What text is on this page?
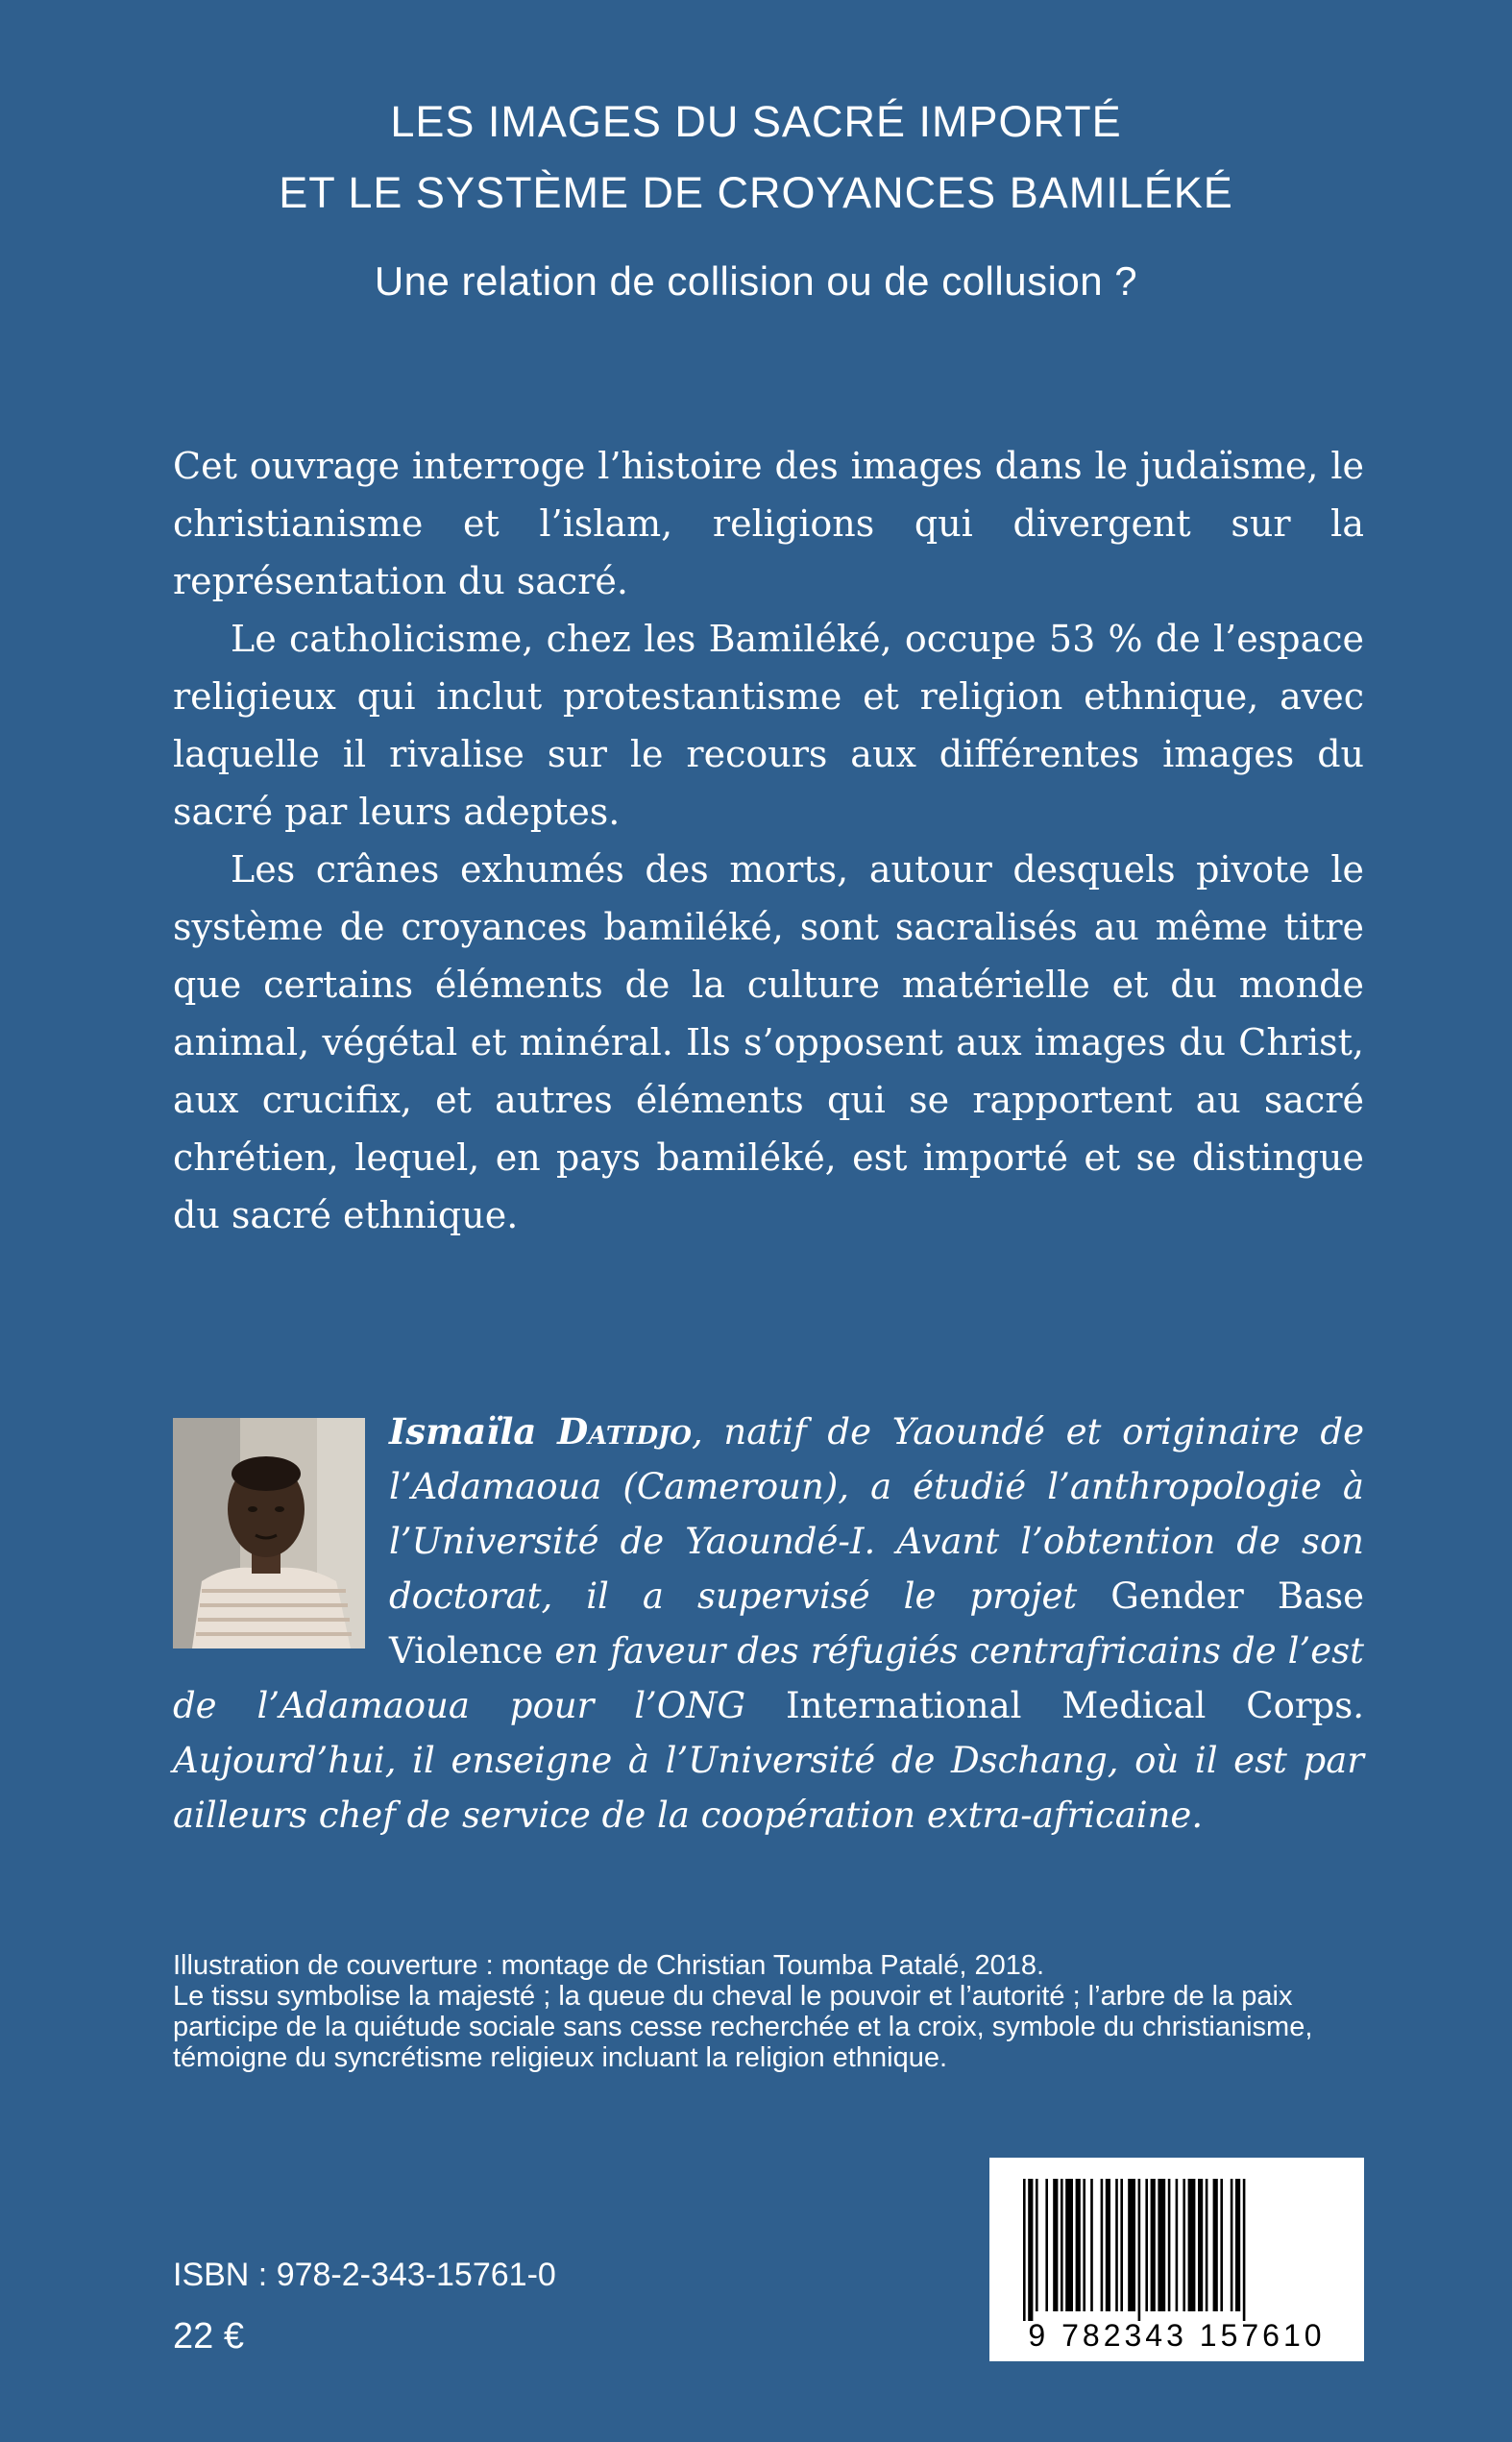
LES IMAGES DU SACRÉ IMPORTÉ
ET LE SYSTÈME DE CROYANCES BAMILÉKÉ
Une relation de collision ou de collusion ?

Cet ouvrage interroge l’histoire des images dans le judaïsme, le christianisme et l’islam, religions qui divergent sur la représentation du sacré.

Le catholicisme, chez les Bamiléké, occupe 53 % de l’espace religieux qui inclut protestantisme et religion ethnique, avec laquelle il rivalise sur le recours aux différentes images du sacré par leurs adeptes.

Les crânes exhumés des morts, autour desquels pivote le système de croyances bamiléké, sont sacralisés au même titre que certains éléments de la culture matérielle et du monde animal, végétal et minéral. Ils s’opposent aux images du Christ, aux crucifix, et autres éléments qui se rapportent au sacré chrétien, lequel, en pays bamiléké, est importé et se distingue du sacré ethnique.

Ismaïla Datidjo, natif de Yaoundé et originaire de l’Adamaoua (Cameroun), a étudié l’anthropologie à l’Université de Yaoundé-I. Avant l’obtention de son doctorat, il a supervisé le projet Gender Base Violence en faveur des réfugiés centrafricains de l’est de l’Adamaoua pour l’ONG International Medical Corps. Aujourd’hui, il enseigne à l’Université de Dschang, où il est par ailleurs chef de service de la coopération extra-africaine.

Illustration de couverture : montage de Christian Toumba Patalé, 2018.

Le tissu symbolise la majesté ; la queue du cheval le pouvoir et l’autorité ; l’arbre de la paix participe de la quiétude sociale sans cesse recherchée et la croix, symbole du christianisme, témoigne du syncrétisme religieux incluant la religion ethnique.

ISBN : 978-2-343-15761-0
22 €	9 782343 157610
